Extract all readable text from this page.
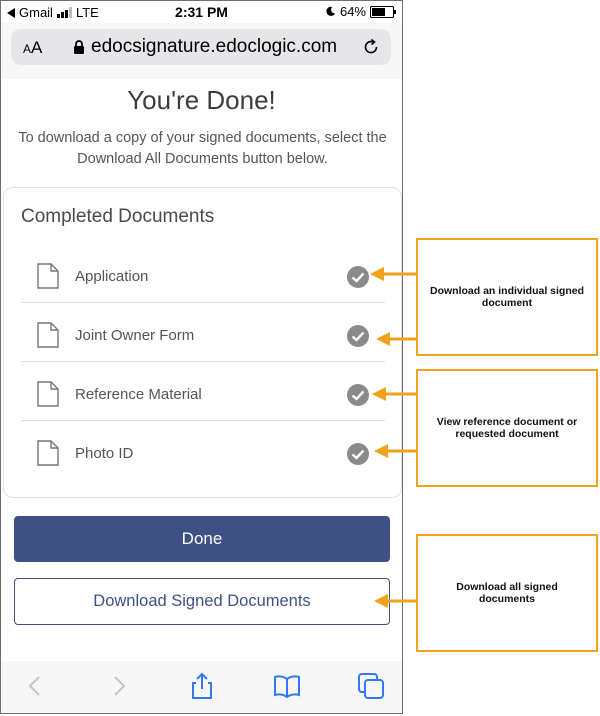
Gmail LTE	2:31 PM	64%
AA	edocsignature.edoclogic.com
You're Done!
To download a copy of your signed documents, select the
Download All Documents button below.
Completed Documents
Application
Joint Owner Form
Reference Material
Photo ID
Done
Download Signed Documents
Download an individual signed document
View reference document or requested document
Download all signed documents
